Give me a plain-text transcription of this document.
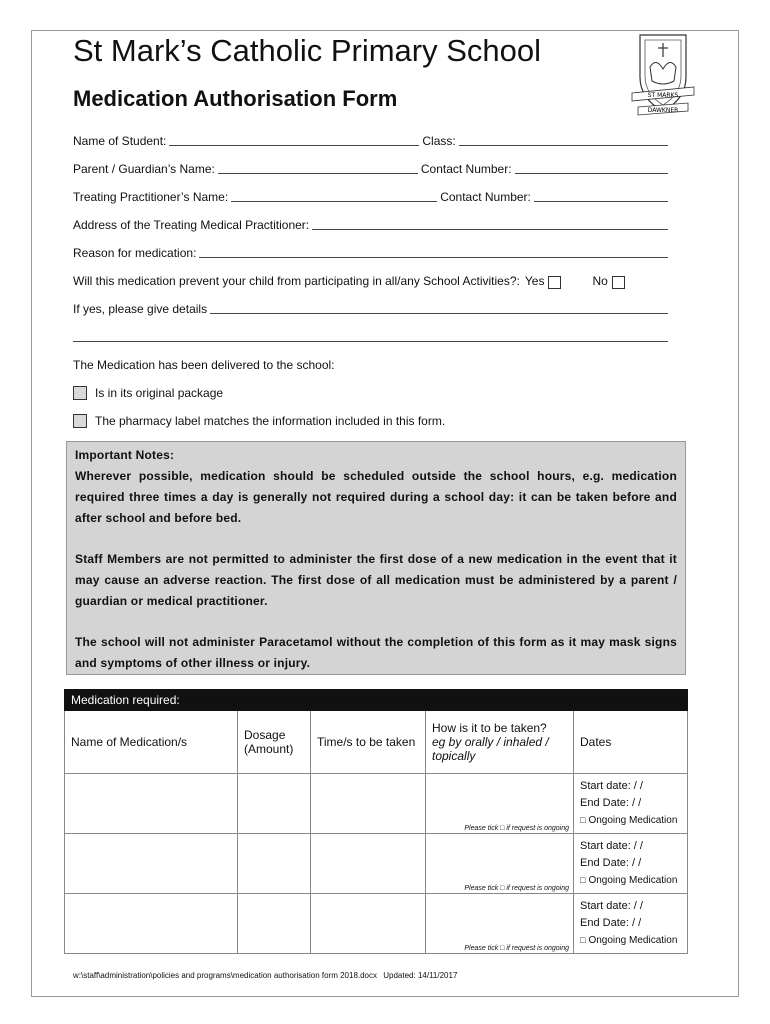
St Mark’s Catholic Primary School
Medication Authorisation Form	ST MARKS
DAWKNER
Name of Student:	Class:
Parent / Guardian’s Name:	Contact Number:
Treating Practitioner’s Name:	Contact Number:
Address of the Treating Medical Practitioner:
Reason for medication:
Will this medication prevent your child from participating in all/any School Activities?: Yes	No
If yes, please give details
The Medication has been delivered to the school:
Is in its original package
The pharmacy label matches the information included in this form.

Important Notes:

Wherever possible, medication should be scheduled outside the school hours, e.g. medication required three times a day is generally not required during a school day: it can be taken before and after school and before bed.

Staff Members are not permitted to administer the first dose of a new medication in the event that it may cause an adverse reaction. The first dose of all medication must be administered by a parent / guardian or medical practitioner.

The school will not administer Paracetamol without the completion of this form as it may mask signs and symptoms of other illness or injury.

Medication required:				
Name of Medication/s	Dosage (Amount)	Time/s to be taken	How is it to be taken?
eg by orally / inhaled / topically	Dates

			Please tick □ if request is ongoing	Start date: / /
End Date: / /
□ Ongoing Medication

			Please tick □ if request is ongoing	Start date: / /
End Date: / /
□ Ongoing Medication

			Please tick □ if request is ongoing	Start date: / /
End Date: / /
□ Ongoing Medication
w:\staff\administration\policies and programs\medication authorisation form 2018.docx Updated: 14/11/2017
